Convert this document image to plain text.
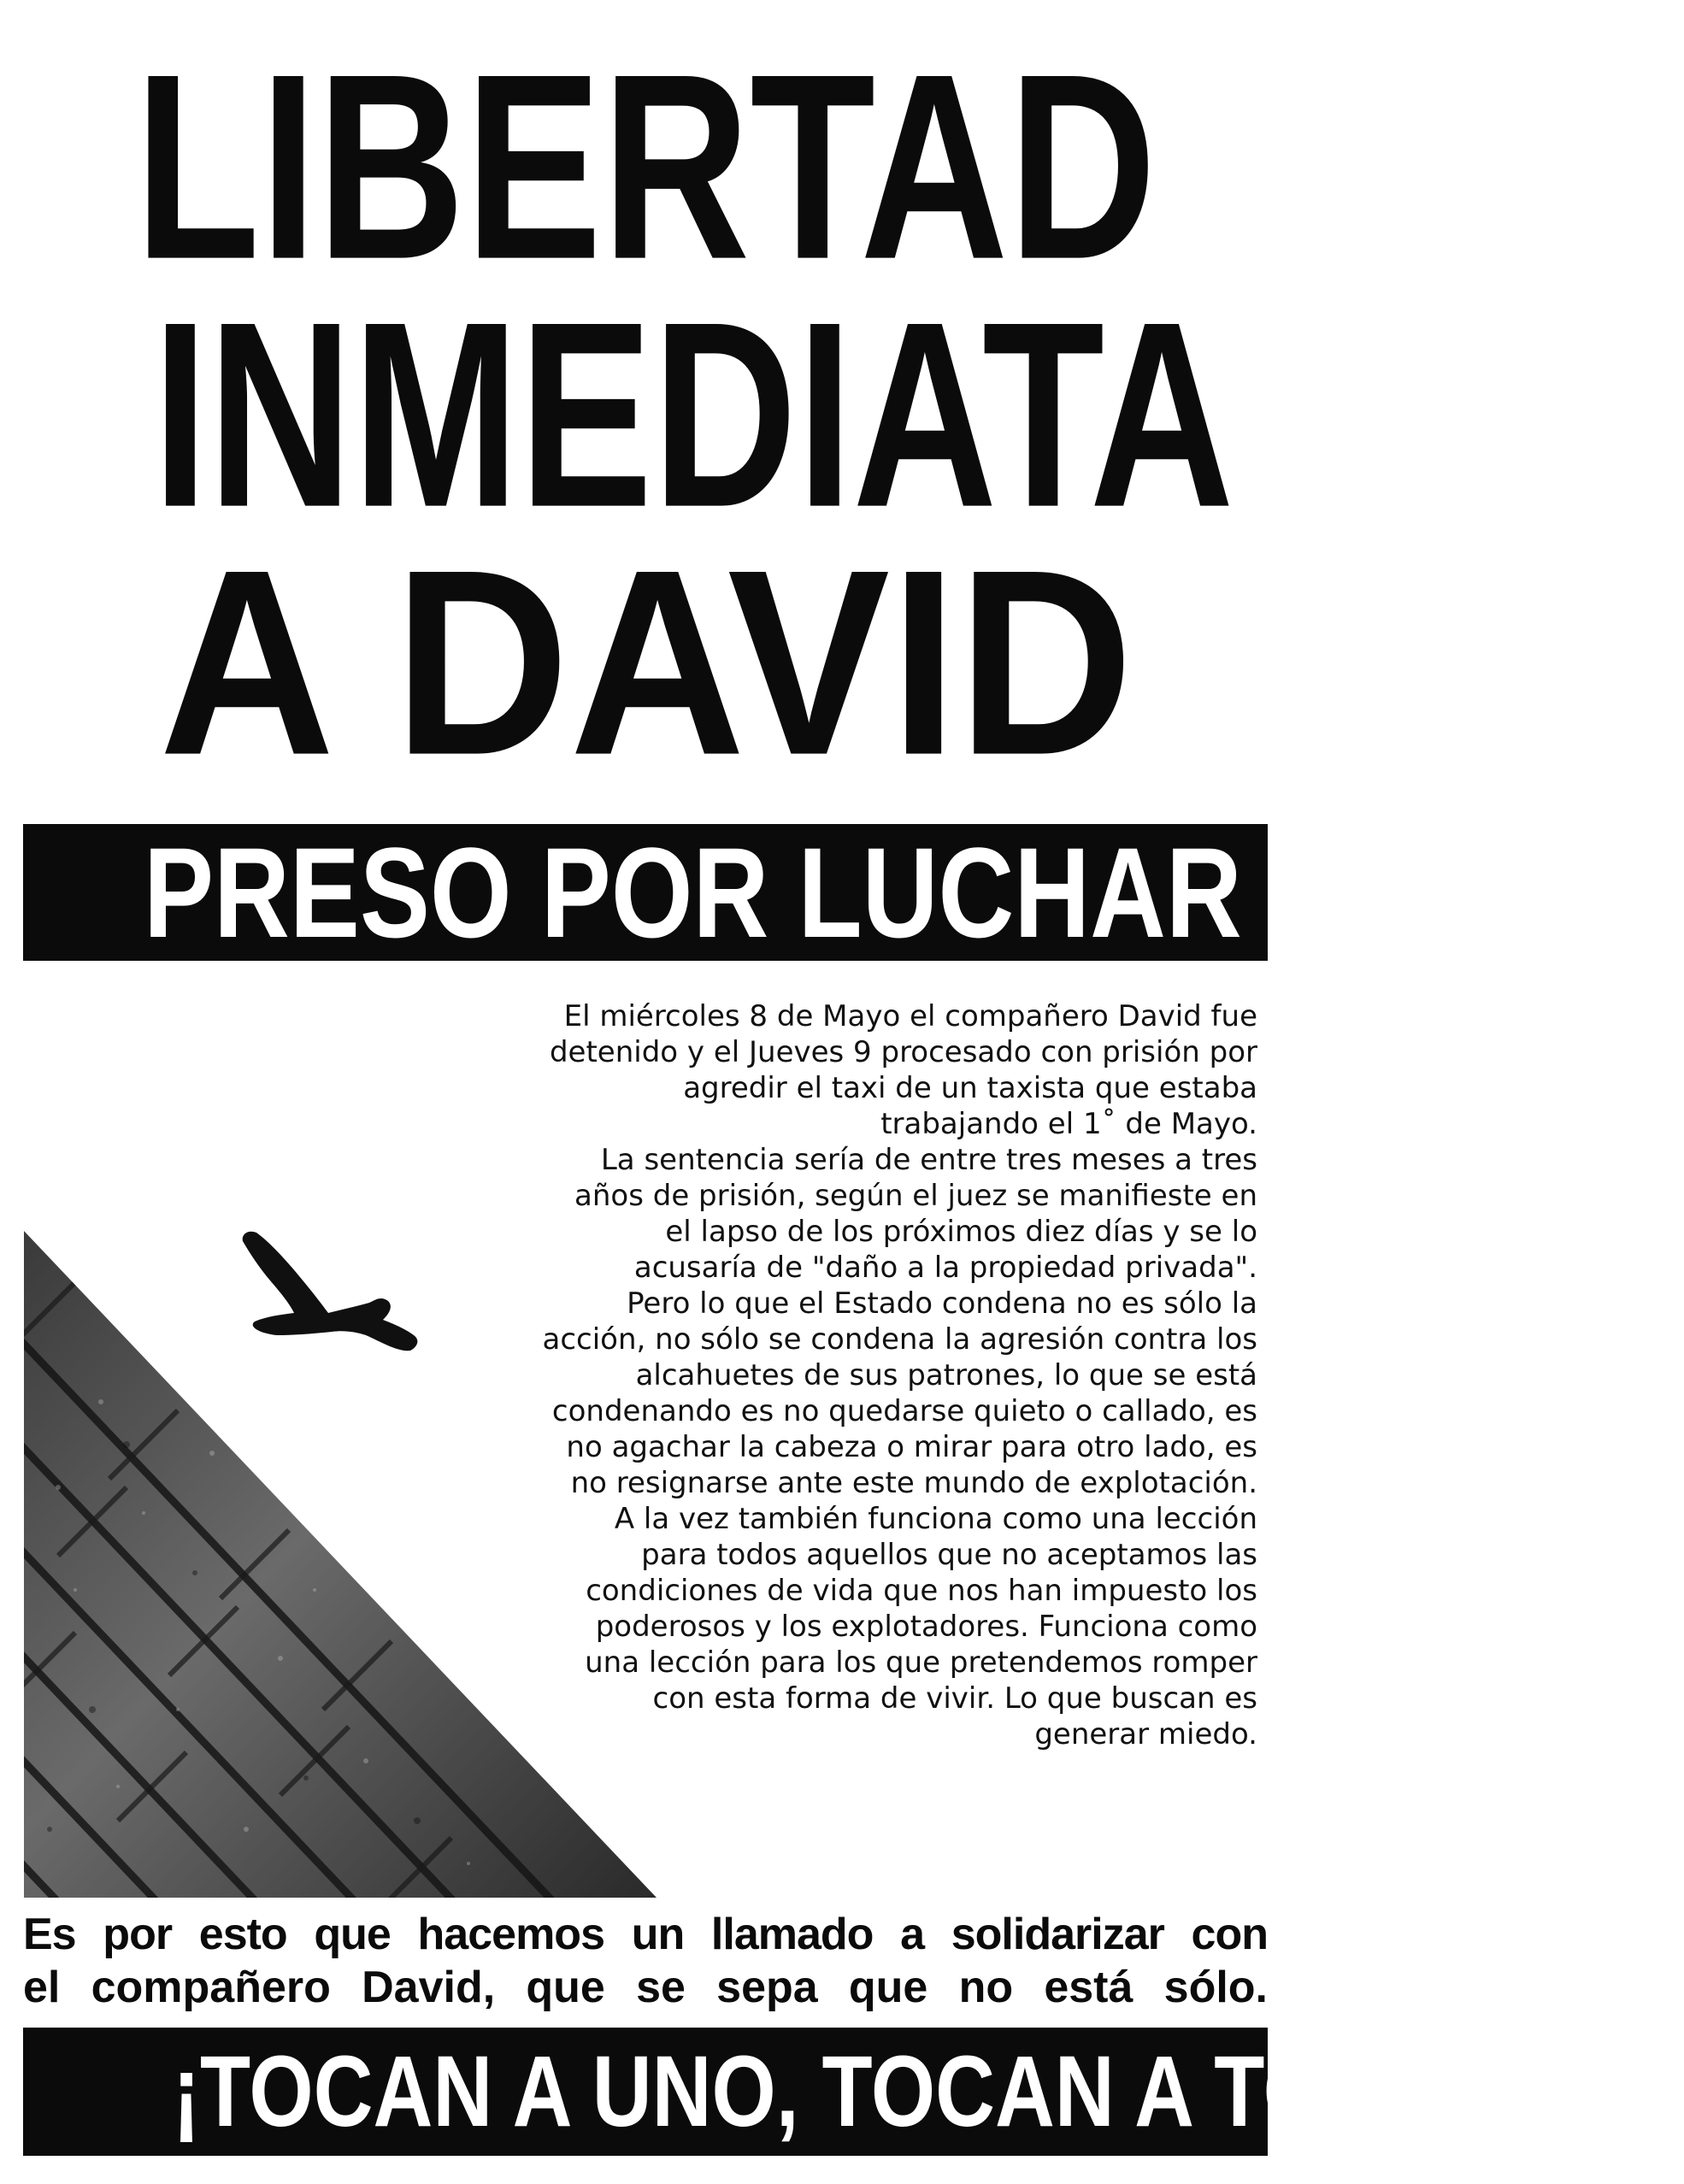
LIBERTAD
INMEDIATA
A DAVID
PRESO POR LUCHAR

El miércoles 8 de Mayo el compañero David fue detenido y el Jueves 9 procesado con prisión por agredir el taxi de un taxista que estaba trabajando el 1˚ de Mayo.

La sentencia sería de entre tres meses a tres años de prisión, según el juez se manifieste en el lapso de los próximos diez días y se lo acusaría de "daño a la propiedad privada".

Pero lo que el Estado condena no es sólo la acción, no sólo se condena la agresión contra los alcahuetes de sus patrones, lo que se está condenando es no quedarse quieto o callado, es no agachar la cabeza o mirar para otro lado, es no resignarse ante este mundo de explotación.

A la vez también funciona como una lección para todos aquellos que no aceptamos las condiciones de vida que nos han impuesto los poderosos y los explotadores. Funciona como una lección para los que pretendemos romper con esta forma de vivir. Lo que buscan es generar miedo.

Es por esto que hacemos un llamado a solidarizar con
el compañero David, que se sepa que no está sólo.
¡TOCAN A UNO, TOCAN A TODOS!
